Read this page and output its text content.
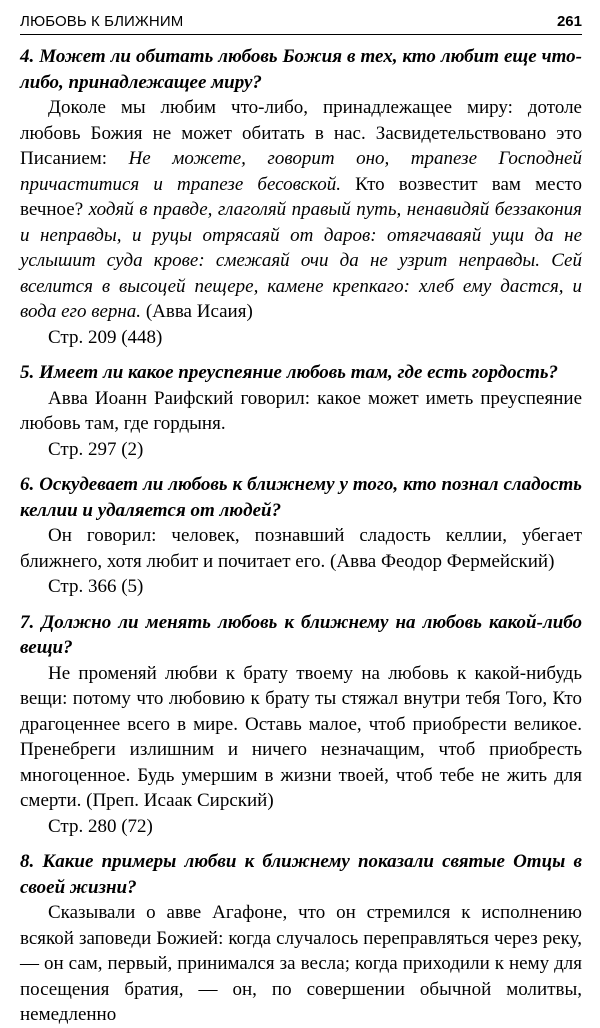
ЛЮБОВЬ К БЛИЖНИМ	261

4. Может ли обитать любовь Божия в тех, кто любит еще что-либо, принадлежащее миру?

Доколе мы любим что-либо, принадлежащее миру: дотоле любовь Божия не может обитать в нас. Засвидетельствовано это Писанием: Не можете, говорит оно, трапезе Господней причаститися и трапезе бесовской. Кто возвестит вам место вечное? ходяй в правде, глаголяй правый путь, ненавидяй беззакония и неправды, и руцы отрясаяй от даров: отягчаваяй ущи да не услышит суда крове: смежаяй очи да не узрит неправды. Сей вселится в высоцей пещере, камене крепкаго: хлеб ему дастся, и вода его верна. (Авва Исаия)

Стр. 209 (448)

5. Имеет ли какое преуспеяние любовь там, где есть гордость?

Авва Иоанн Раифский говорил: какое может иметь преуспеяние любовь там, где гордыня.

Стр. 297 (2)

6. Оскудевает ли любовь к ближнему у того, кто познал сладость келлии и удаляется от людей?

Он говорил: человек, познавший сладость келлии, убегает ближнего, хотя любит и почитает его. (Авва Феодор Фермейский)

Стр. 366 (5)

7. Должно ли менять любовь к ближнему на любовь какой-либо вещи?

Не променяй любви к брату твоему на любовь к какой-нибудь вещи: потому что любовию к брату ты стяжал внутри тебя Того, Кто драгоценнее всего в мире. Оставь малое, чтоб приобрести великое. Пренебреги излишним и ничего незначащим, чтоб приобресть многоценное. Будь умершим в жизни твоей, чтоб тебе не жить для смерти. (Преп. Исаак Сирский)

Стр. 280 (72)

8. Какие примеры любви к ближнему показали святые Отцы в своей жизни?

Сказывали о авве Агафоне, что он стремился к исполнению всякой заповеди Божией: когда случалось переправляться через реку, — он сам, первый, принимался за весла; когда приходили к нему для посещения братия, — он, по совершении обычной молитвы, немедленно
